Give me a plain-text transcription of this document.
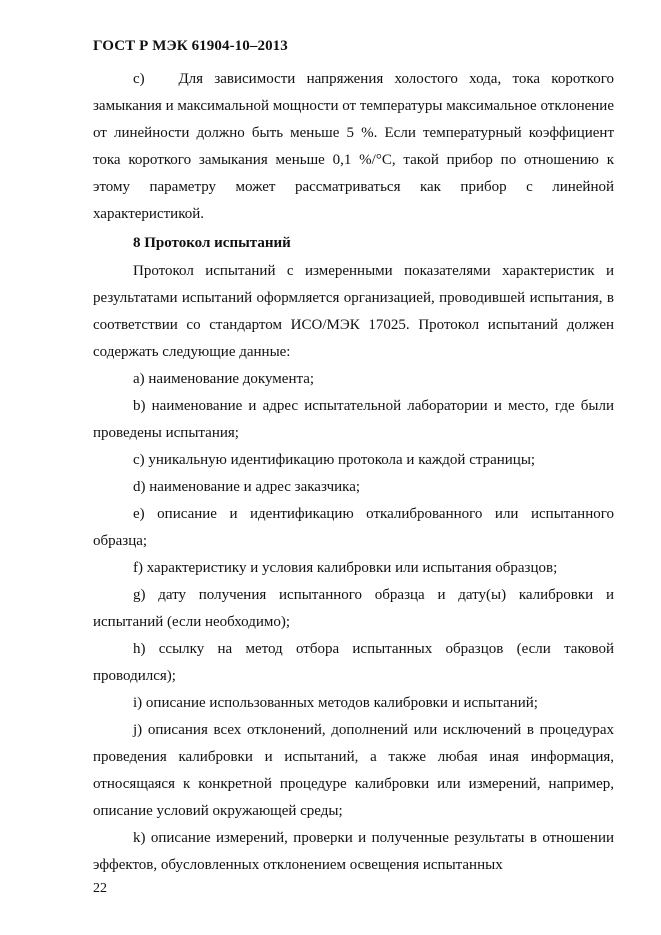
ГОСТ Р МЭК 61904-10–2013

c)   Для зависимости напряжения холостого хода, тока короткого замыкания и максимальной мощности от температуры максимальное отклонение от линейности должно быть меньше 5 %. Если температурный коэффициент тока короткого замыкания меньше 0,1 %/°C, такой прибор по отношению к этому параметру может рассматриваться как прибор с линейной характеристикой.

8 Протокол испытаний

Протокол испытаний с измеренными показателями характеристик и результатами испытаний оформляется организацией, проводившей испытания, в соответствии со стандартом ИСО/МЭК 17025. Протокол испытаний должен содержать следующие данные:

a) наименование документа;

b) наименование и адрес испытательной лаборатории и место, где были проведены испытания;

c) уникальную идентификацию протокола и каждой страницы;

d) наименование и адрес заказчика;

e) описание и идентификацию откалиброванного или испытанного образца;

f) характеристику и условия калибровки или испытания образцов;

g) дату получения испытанного образца и дату(ы) калибровки и испытаний (если необходимо);

h) ссылку на метод отбора испытанных образцов (если таковой проводился);

i) описание использованных методов калибровки и испытаний;

j) описания всех отклонений, дополнений или исключений в процедурах проведения калибровки и испытаний, а также любая иная информация, относящаяся к конкретной процедуре калибровки или измерений, например, описание условий окружающей среды;

k) описание измерений, проверки и полученные результаты в отношении эффектов, обусловленных отклонением освещения испытанных

22
